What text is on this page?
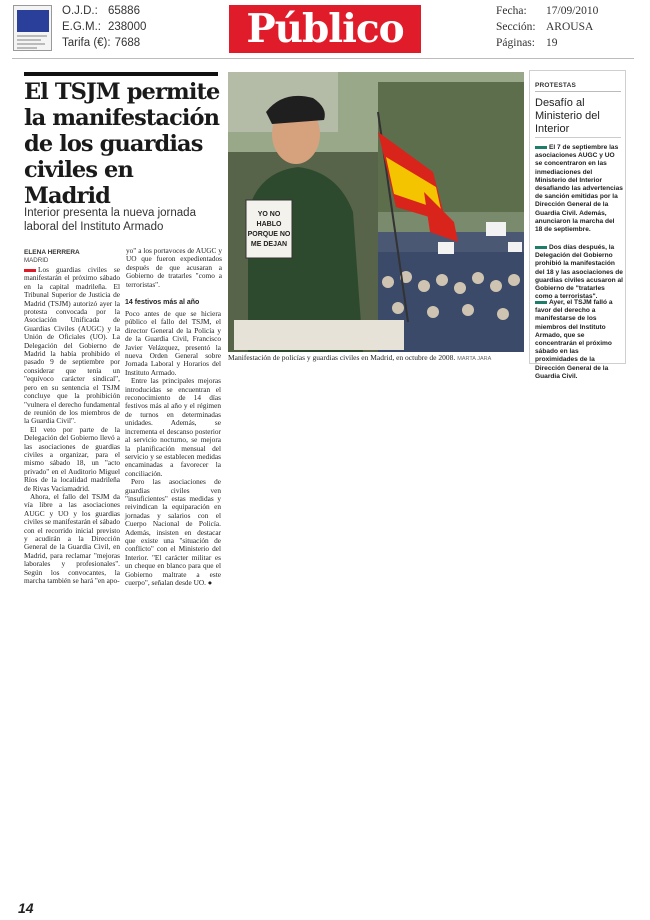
O.J.D.: 65886
E.G.M.: 238000
Tarifa (€): 7688	Público	Fecha: 17/09/2010
Sección: AROUSA
Páginas: 19
El TSJM permite la manifestación de los guardias civiles en Madrid
Interior presenta la nueva jornada laboral del Instituto Armado
ELENA HERRERA
MADRID

Los guardias civiles se manifestarán el próximo sábado en la capital madrileña. El Tribunal Superior de Justicia de Madrid (TSJM) autorizó ayer la protesta convocada por la Asociación Unificada de Guardias Civiles (AUGC) y la Unión de Oficiales (UO). La Delegación del Gobierno de Madrid la había prohibido el pasado 9 de septiembre por considerar que tenía un "equívoco carácter sindical", pero en su sentencia el TSJM concluye que la prohibición "vulnera el derecho fundamental de reunión de los miembros de la Guardia Civil".

El veto por parte de la Delegación del Gobierno llevó a las asociaciones de guardias civiles a organizar, para el mismo sábado 18, un "acto privado" en el Auditorio Miguel Ríos de la localidad madrileña de Rivas Vaciamadrid.

Ahora, el fallo del TSJM da vía libre a las asociaciones AUGC y UO y los guardias civiles se manifestarán el sábado con el recorrido inicial previsto y acudirán a la Dirección General de la Guardia Civil, en Madrid, para reclamar "mejoras laborales y profesionales". Según los convocantes, la marcha también se hará "en apo-

yo" a los portavoces de AUGC y UO que fueron expedientados después de que acusaran a Gobierno de tratarles "como a terroristas".

14 festivos más al año

Poco antes de que se hiciera público el fallo del TSJM, el director General de la Policía y de la Guardia Civil, Francisco Javier Velázquez, presentó la nueva Orden General sobre Jornada Laboral y Horarios del Instituto Armado.

Entre las principales mejoras introducidas se encuentran el reconocimiento de 14 días festivos más al año y el régimen de turnos en determinadas unidades. Además, se incrementa el descanso posterior al servicio nocturno, se mejora la planificación mensual del servicio y se establecen medidas encaminadas a favorecer la conciliación.

Pero las asociaciones de guardias civiles ven "insuficientes" estas medidas y reivindican la equiparación en jornadas y salarios con el Cuerpo Nacional de Policía. Además, insisten en destacar que existe una "situación de conflicto" con el Ministerio del Interior. "El carácter militar es un cheque en blanco para que el Gobierno maltrate a este cuerpo", señalan desde UO. ●

YO NO
HABLO
PORQUE NO
ME DEJAN
Manifestación de policías y guardias civiles en Madrid, en octubre de 2008. MARTA JARA
PROTESTAS
Desafío al Ministerio del Interior
El 7 de septiembre las asociaciones AUGC y UO se concentraron en las inmediaciones del Ministerio del Interior desafiando las advertencias de sanción emitidas por la Dirección General de la Guardia Civil. Además, anunciaron la marcha del 18 de septiembre.
Dos días después, la Delegación del Gobierno prohibió la manifestación del 18 y las asociaciones de guardias civiles acusaron al Gobierno de "tratarles como a terroristas".
Ayer, el TSJM falló a favor del derecho a manifestarse de los miembros del Instituto Armado, que se concentrarán el próximo sábado en las proximidades de la Dirección General de la Guardia Civil.
14
